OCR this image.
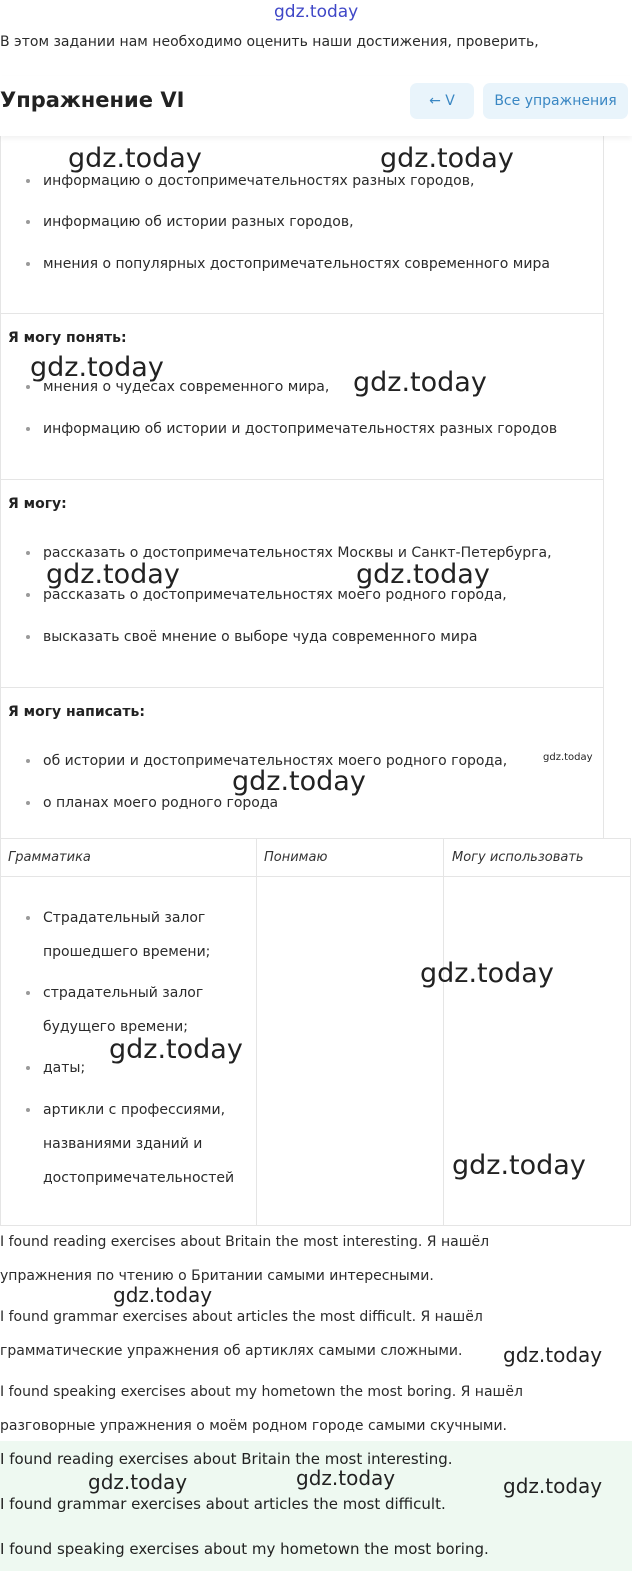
gdz.today
В этом задании нам необходимо оценить наши достижения, проверить,
информацию о достопримечательностях разных городов,
информацию об истории разных городов,
мнения о популярных достопримечательностях современного мира
Упражнение VI	← V	Все упражнения
Я могу понять:
мнения о чудесах современного мира,
информацию об истории и достопримечательностях разных городов
Я могу:
рассказать о достопримечательностях Москвы и Санкт-Петербурга,
рассказать о достопримечательностях моего родного города,
высказать своё мнение о выборе чуда современного мира
Я могу написать:
об истории и достопримечательностях моего родного города,
о планах моего родного города
Грамматика	Понимаю	Могу использовать
Страдательный залог прошедшего времени;
страдательный залог будущего времени;
даты;
артикли с профессиями, названиями зданий и достопримечательностей
I found reading exercises about Britain the most interesting. Я нашёл
упражнения по чтению о Британии самыми интересными.
I found grammar exercises about articles the most difficult. Я нашёл
грамматические упражнения об артиклях самыми сложными.
I found speaking exercises about my hometown the most boring. Я нашёл
разговорные упражнения о моём родном городе самыми скучными.

I found reading exercises about Britain the most interesting.

I found grammar exercises about articles the most difficult.

I found speaking exercises about my hometown the most boring.

gdz.today	gdz.today
gdz.today	gdz.today
gdz.today	gdz.today
gdz.today
gdz.today
gdz.today
gdz.today
gdz.today
gdz.today
gdz.today
gdz.today	gdz.today	gdz.today
